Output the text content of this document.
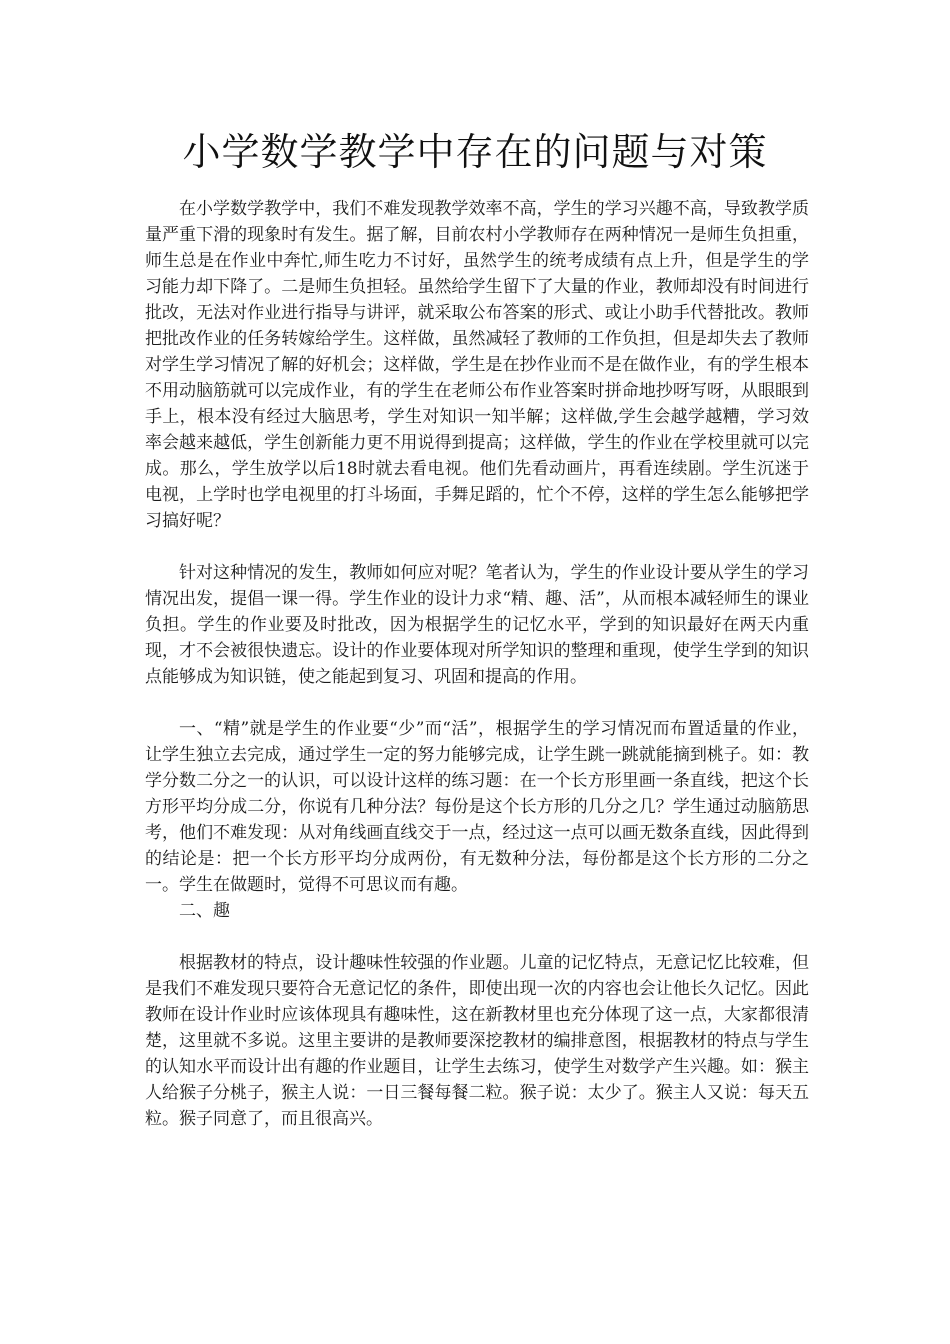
小学数学教学中存在的问题与对策

在小学数学教学中，我们不难发现教学效率不高，学生的学习兴趣不高，导致教学质量严重下滑的现象时有发生。据了解，目前农村小学教师存在两种情况一是师生负担重，师生总是在作业中奔忙,师生吃力不讨好，虽然学生的统考成绩有点上升，但是学生的学习能力却下降了。二是师生负担轻。虽然给学生留下了大量的作业，教师却没有时间进行批改，无法对作业进行指导与讲评，就采取公布答案的形式、或让小助手代替批改。教师把批改作业的任务转嫁给学生。这样做，虽然减轻了教师的工作负担，但是却失去了教师对学生学习情况了解的好机会；这样做，学生是在抄作业而不是在做作业，有的学生根本不用动脑筋就可以完成作业，有的学生在老师公布作业答案时拼命地抄呀写呀，从眼眼到手上，根本没有经过大脑思考，学生对知识一知半解；这样做,学生会越学越糟，学习效率会越来越低，学生创新能力更不用说得到提高；这样做，学生的作业在学校里就可以完成。那么，学生放学以后18时就去看电视。他们先看动画片，再看连续剧。学生沉迷于电视，上学时也学电视里的打斗场面，手舞足蹈的，忙个不停，这样的学生怎么能够把学习搞好呢？

针对这种情况的发生，教师如何应对呢？笔者认为，学生的作业设计要从学生的学习情况出发，提倡一课一得。学生作业的设计力求“精、趣、活”，从而根本减轻师生的课业负担。学生的作业要及时批改，因为根据学生的记忆水平，学到的知识最好在两天内重现，才不会被很快遗忘。设计的作业要体现对所学知识的整理和重现，使学生学到的知识点能够成为知识链，使之能起到复习、巩固和提高的作用。

一、“精”就是学生的作业要“少”而“活”，根据学生的学习情况而布置适量的作业，让学生独立去完成，通过学生一定的努力能够完成，让学生跳一跳就能摘到桃子。如：教学分数二分之一的认识，可以设计这样的练习题：在一个长方形里画一条直线，把这个长方形平均分成二分，你说有几种分法？每份是这个长方形的几分之几？学生通过动脑筋思考，他们不难发现：从对角线画直线交于一点，经过这一点可以画无数条直线，因此得到的结论是：把一个长方形平均分成两份，有无数种分法，每份都是这个长方形的二分之一。学生在做题时，觉得不可思议而有趣。

二、趣

根据教材的特点，设计趣味性较强的作业题。儿童的记忆特点，无意记忆比较难，但是我们不难发现只要符合无意记忆的条件，即使出现一次的内容也会让他长久记忆。因此教师在设计作业时应该体现具有趣味性，这在新教材里也充分体现了这一点，大家都很清楚，这里就不多说。这里主要讲的是教师要深挖教材的编排意图，根据教材的特点与学生的认知水平而设计出有趣的作业题目，让学生去练习，使学生对数学产生兴趣。如：猴主人给猴子分桃子，猴主人说：一日三餐每餐二粒。猴子说：太少了。猴主人又说：每天五粒。猴子同意了，而且很高兴。
